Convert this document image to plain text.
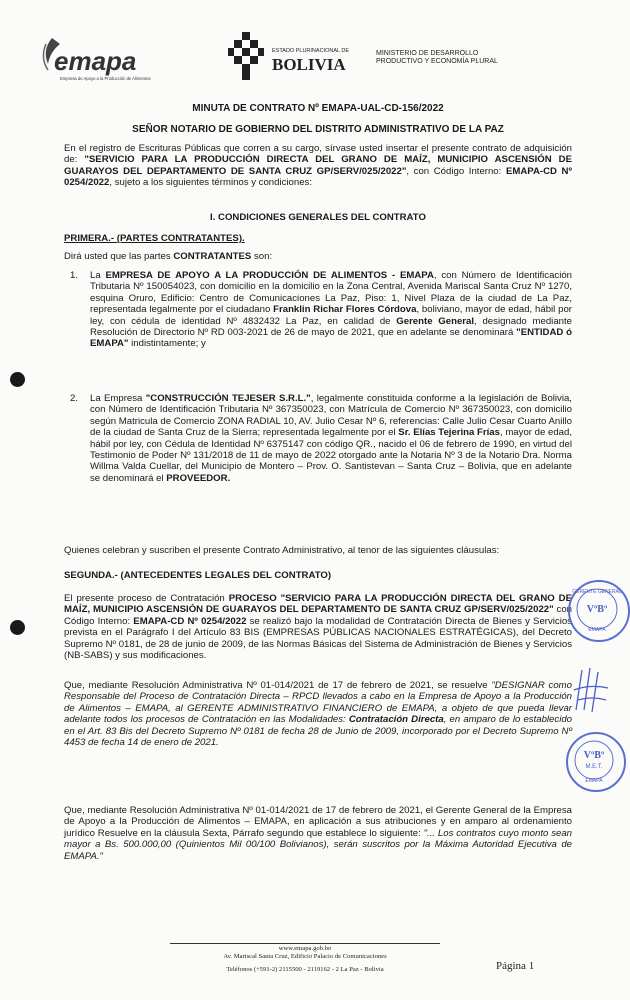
emapa
Empresa de Apoyo a la Producción de Alimentos
ESTADO PLURINACIONAL DE
BOLIVIA
MINISTERIO DE DESARROLLO
PRODUCTIVO Y ECONOMÍA PLURAL
MINUTA DE CONTRATO Nº EMAPA-UAL-CD-156/2022
SEÑOR NOTARIO DE GOBIERNO DEL DISTRITO ADMINISTRATIVO DE LA PAZ
En el registro de Escrituras Públicas que corren a su cargo, sírvase usted insertar el presente contrato de adquisición de: "SERVICIO PARA LA PRODUCCIÓN DIRECTA DEL GRANO DE MAÍZ, MUNICIPIO ASCENSIÓN DE GUARAYOS DEL DEPARTAMENTO DE SANTA CRUZ GP/SERV/025/2022", con Código Interno: EMAPA-CD Nº 0254/2022, sujeto a los siguientes términos y condiciones:
I. CONDICIONES GENERALES DEL CONTRATO
PRIMERA.- (PARTES CONTRATANTES).
Dirá usted que las partes CONTRATANTES son:
1. La EMPRESA DE APOYO A LA PRODUCCIÓN DE ALIMENTOS - EMAPA, con Número de Identificación Tributaria Nº 150054023, con domicilio en la domicilio en la Zona Central, Avenida Mariscal Santa Cruz Nº 1270, esquina Oruro, Edificio: Centro de Comunicaciones La Paz, Piso: 1, Nivel Plaza de la ciudad de La Paz, representada legalmente por el ciudadano Franklin Richar Flores Córdova, boliviano, mayor de edad, hábil por ley, con cédula de identidad Nº 4832432 La Paz, en calidad de Gerente General, designado mediante Resolución de Directorio Nº RD 003-2021 de 26 de mayo de 2021, que en adelante se denominará "ENTIDAD ó EMAPA" indistintamente; y
2. La Empresa "CONSTRUCCIÓN TEJESER S.R.L.", legalmente constituida conforme a la legislación de Bolivia, con Número de Identificación Tributaria Nº 367350023, con Matrícula de Comercio Nº 367350023, con domicilio según Matricula de Comercio ZONA RADIAL 10, AV. Julio Cesar Nº 6, referencias: Calle Julio Cesar Cuarto Anillo de la ciudad de Santa Cruz de la Sierra; representada legalmente por el Sr. Elías Tejerina Frías, mayor de edad, hábil por ley, con Cédula de Identidad Nº 6375147 con código QR., nacido el 06 de febrero de 1990, en virtud del Testimonio de Poder Nº 131/2018 de 11 de mayo de 2022 otorgado ante la Notaria Nº 3 de la Notario Dra. Norma Willma Valda Cuellar, del Municipio de Montero – Prov. O. Santistevan – Santa Cruz – Bolivia, que en adelante se denominará el PROVEEDOR.
Quienes celebran y suscriben el presente Contrato Administrativo, al tenor de las siguientes cláusulas:
SEGUNDA.- (ANTECEDENTES LEGALES DEL CONTRATO)
El presente proceso de Contratación PROCESO "SERVICIO PARA LA PRODUCCIÓN DIRECTA DEL GRANO DE MAÍZ, MUNICIPIO ASCENSIÓN DE GUARAYOS DEL DEPARTAMENTO DE SANTA CRUZ GP/SERV/025/2022" con Código Interno: EMAPA-CD Nº 0254/2022 se realizó bajo la modalidad de Contratación Directa de Bienes y Servicios prevista en el Parágrafo I del Artículo 83 BIS (EMPRESAS PÚBLICAS NACIONALES ESTRATÉGICAS), del Decreto Supremo Nº 0181, de 28 de junio de 2009, de las Normas Básicas del Sistema de Administración de Bienes y Servicios (NB-SABS) y sus modificaciones.
Que, mediante Resolución Administrativa Nº 01-014/2021 de 17 de febrero de 2021, se resuelve "DESIGNAR como Responsable del Proceso de Contratación Directa – RPCD llevados a cabo en la Empresa de Apoyo a la Producción de Alimentos – EMAPA, al GERENTE ADMINISTRATIVO FINANCIERO de EMAPA, a objeto de que pueda llevar adelante todos los procesos de Contratación en las Modalidades: Contratación Directa, en amparo de lo establecido en el Art. 83 Bis del Decreto Supremo Nº 0181 de fecha 28 de Junio de 2009, incorporado por el Decreto Supremo Nº 4453 de fecha 14 de enero de 2021.
Que, mediante Resolución Administrativa Nº 01-014/2021 de 17 de febrero de 2021, el Gerente General de la Empresa de Apoyo a la Producción de Alimentos – EMAPA, en aplicación a sus atribuciones y en amparo al ordenamiento jurídico Resuelve en la cláusula Sexta, Párrafo segundo que establece lo siguiente: "... Los contratos cuyo monto sean mayor a Bs. 500.000,00 (Quinientos Mil 00/100 Bolivianos), serán suscritos por la Máxima Autoridad Ejecutiva de EMAPA."
GERENTE GENERAL
VºBº
EMAPA
VºBº
M.E.T.
EMAPA
www.emapa.gob.bo
Av. Mariscal Santa Cruz, Edificio Palacio de Comunicaciones
Teléfonos (+591-2) 2115500 - 2119162 - 2 La Paz - Bolivia	Página 1
